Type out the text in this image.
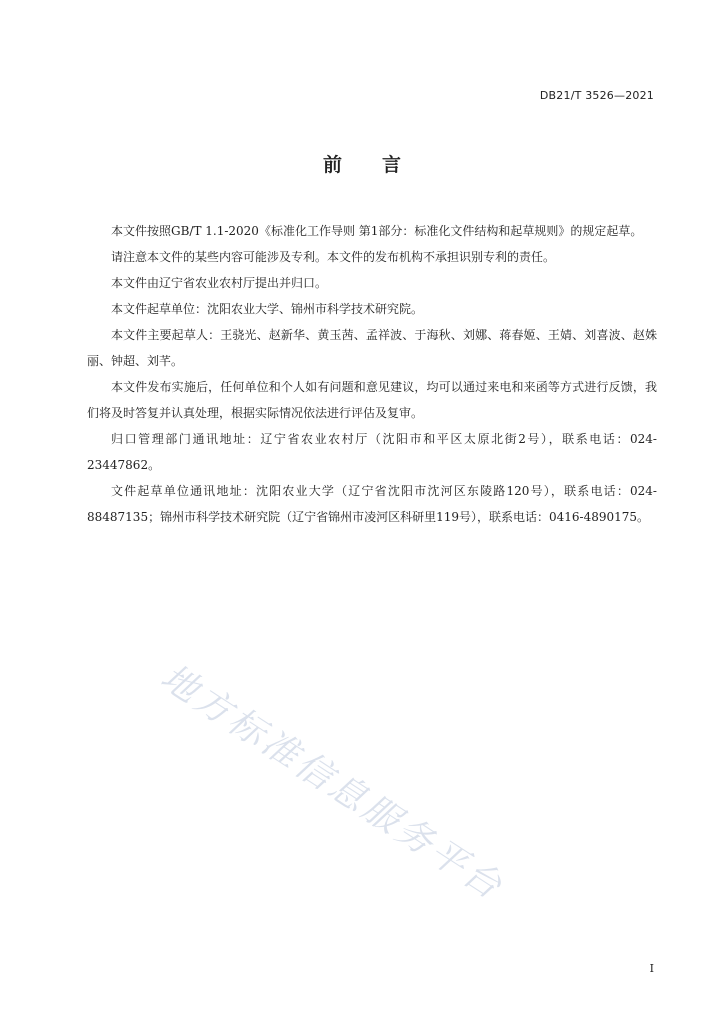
DB21/T 3526—2021
前 言

本文件按照GB/T 1.1-2020《标准化工作导则 第1部分：标准化文件结构和起草规则》的规定起草。

请注意本文件的某些内容可能涉及专利。本文件的发布机构不承担识别专利的责任。

本文件由辽宁省农业农村厅提出并归口。

本文件起草单位：沈阳农业大学、锦州市科学技术研究院。

本文件主要起草人：王骁光、赵新华、黄玉茜、孟祥波、于海秋、刘娜、蒋春姬、王婧、刘喜波、赵姝丽、钟超、刘芊。

本文件发布实施后，任何单位和个人如有问题和意见建议，均可以通过来电和来函等方式进行反馈，我们将及时答复并认真处理，根据实际情况依法进行评估及复审。

归口管理部门通讯地址：辽宁省农业农村厅（沈阳市和平区太原北街2号），联系电话：024-23447862。

文件起草单位通讯地址：沈阳农业大学（辽宁省沈阳市沈河区东陵路120号），联系电话：024-88487135；锦州市科学技术研究院（辽宁省锦州市凌河区科研里119号），联系电话：0416-4890175。

地方标准信息服务平台
I
